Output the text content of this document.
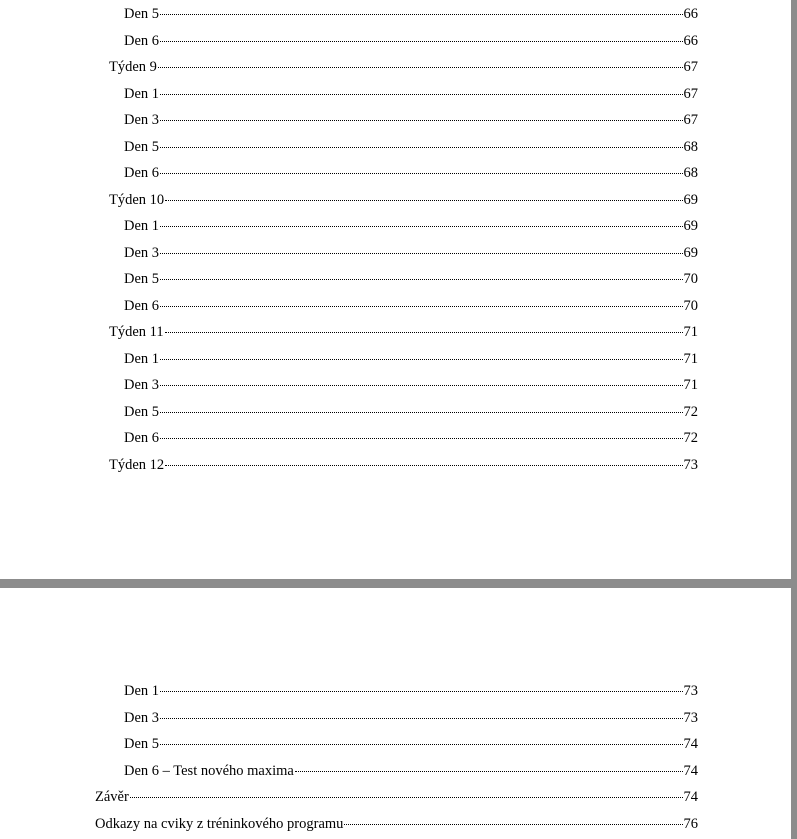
Den 5	66
Den 6	66
Týden 9	67
Den 1	67
Den 3	67
Den 5	68
Den 6	68
Týden 10	69
Den 1	69
Den 3	69
Den 5	70
Den 6	70
Týden 11	71
Den 1	71
Den 3	71
Den 5	72
Den 6	72
Týden 12	73
Den 1	73
Den 3	73
Den 5	74
Den 6 – Test nového maxima	74
Závěr	74
Odkazy na cviky z tréninkového programu	76
